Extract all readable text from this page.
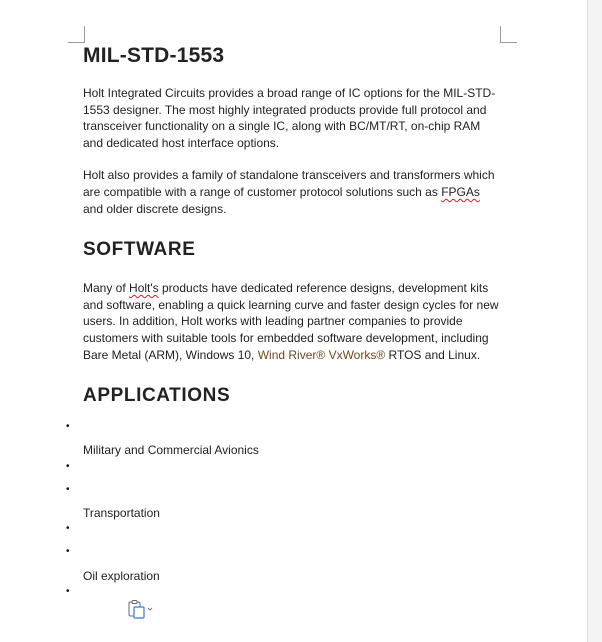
MIL-STD-1553

Holt Integrated Circuits provides a broad range of IC options for the MIL-STD-1553 designer. The most highly integrated products provide full protocol and transceiver functionality on a single IC, along with BC/MT/RT, on-chip RAM and dedicated host interface options.

Holt also provides a family of standalone transceivers and transformers which are compatible with a range of customer protocol solutions such as FPGAs and older discrete designs.

SOFTWARE

Many of Holt's products have dedicated reference designs, development kits and software, enabling a quick learning curve and faster design cycles for new users. In addition, Holt works with leading partner companies to provide customers with suitable tools for embedded software development, including Bare Metal (ARM), Windows 10, Wind River® VxWorks® RTOS and Linux.

APPLICATIONS
•
Military and Commercial Avionics
•
•
Transportation
•
•
Oil exploration
•
